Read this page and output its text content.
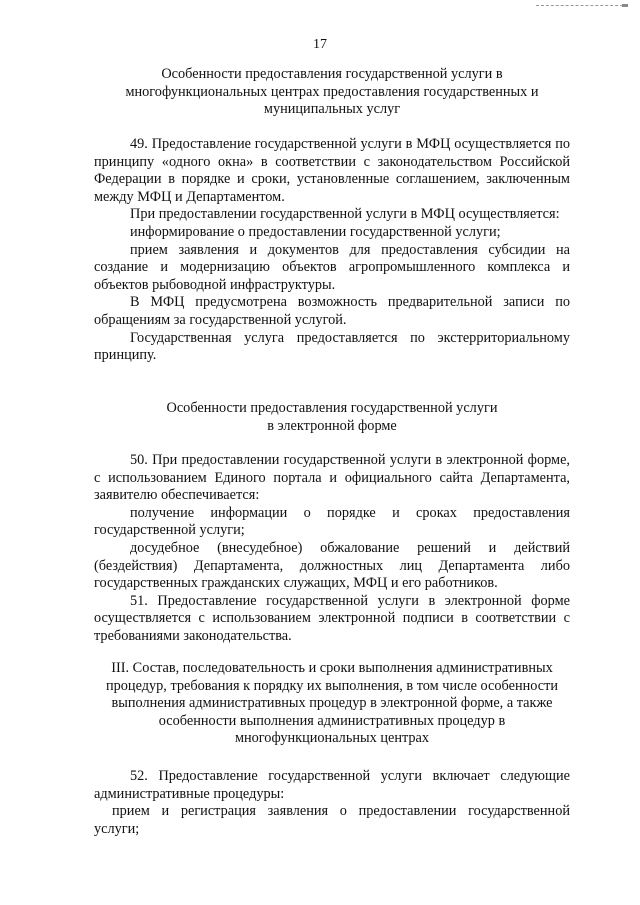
17
Особенности предоставления государственной услуги в
многофункциональных центрах предоставления государственных и
муниципальных услуг

49. Предоставление государственной услуги в МФЦ осуществляется по принципу «одного окна» в соответствии с законодательством Российской Федерации в порядке и сроки, установленные соглашением, заключенным между МФЦ и Департаментом.

При предоставлении государственной услуги в МФЦ осуществляется:

информирование о предоставлении государственной услуги;

прием заявления и документов для предоставления субсидии на создание и модернизацию объектов агропромышленного комплекса и объектов рыбоводной инфраструктуры.

В МФЦ предусмотрена возможность предварительной записи по обращениям за государственной услугой.

Государственная услуга предоставляется по экстерриториальному принципу.

Особенности предоставления государственной услуги
в электронной форме

50. При предоставлении государственной услуги в электронной форме, с использованием Единого портала и официального сайта Департамента, заявителю обеспечивается:

получение информации о порядке и сроках предоставления государственной услуги;

досудебное (внесудебное) обжалование решений и действий (бездействия) Департамента, должностных лиц Департамента либо государственных гражданских служащих, МФЦ и его работников.

51. Предоставление государственной услуги в электронной форме осуществляется с использованием электронной подписи в соответствии с требованиями законодательства.

III. Состав, последовательность и сроки выполнения административных
процедур, требования к порядку их выполнения, в том числе особенности
выполнения административных процедур в электронной форме, а также
особенности выполнения административных процедур в
многофункциональных центрах

52. Предоставление государственной услуги включает следующие административные процедуры:

прием и регистрация заявления о предоставлении государственной услуги;
